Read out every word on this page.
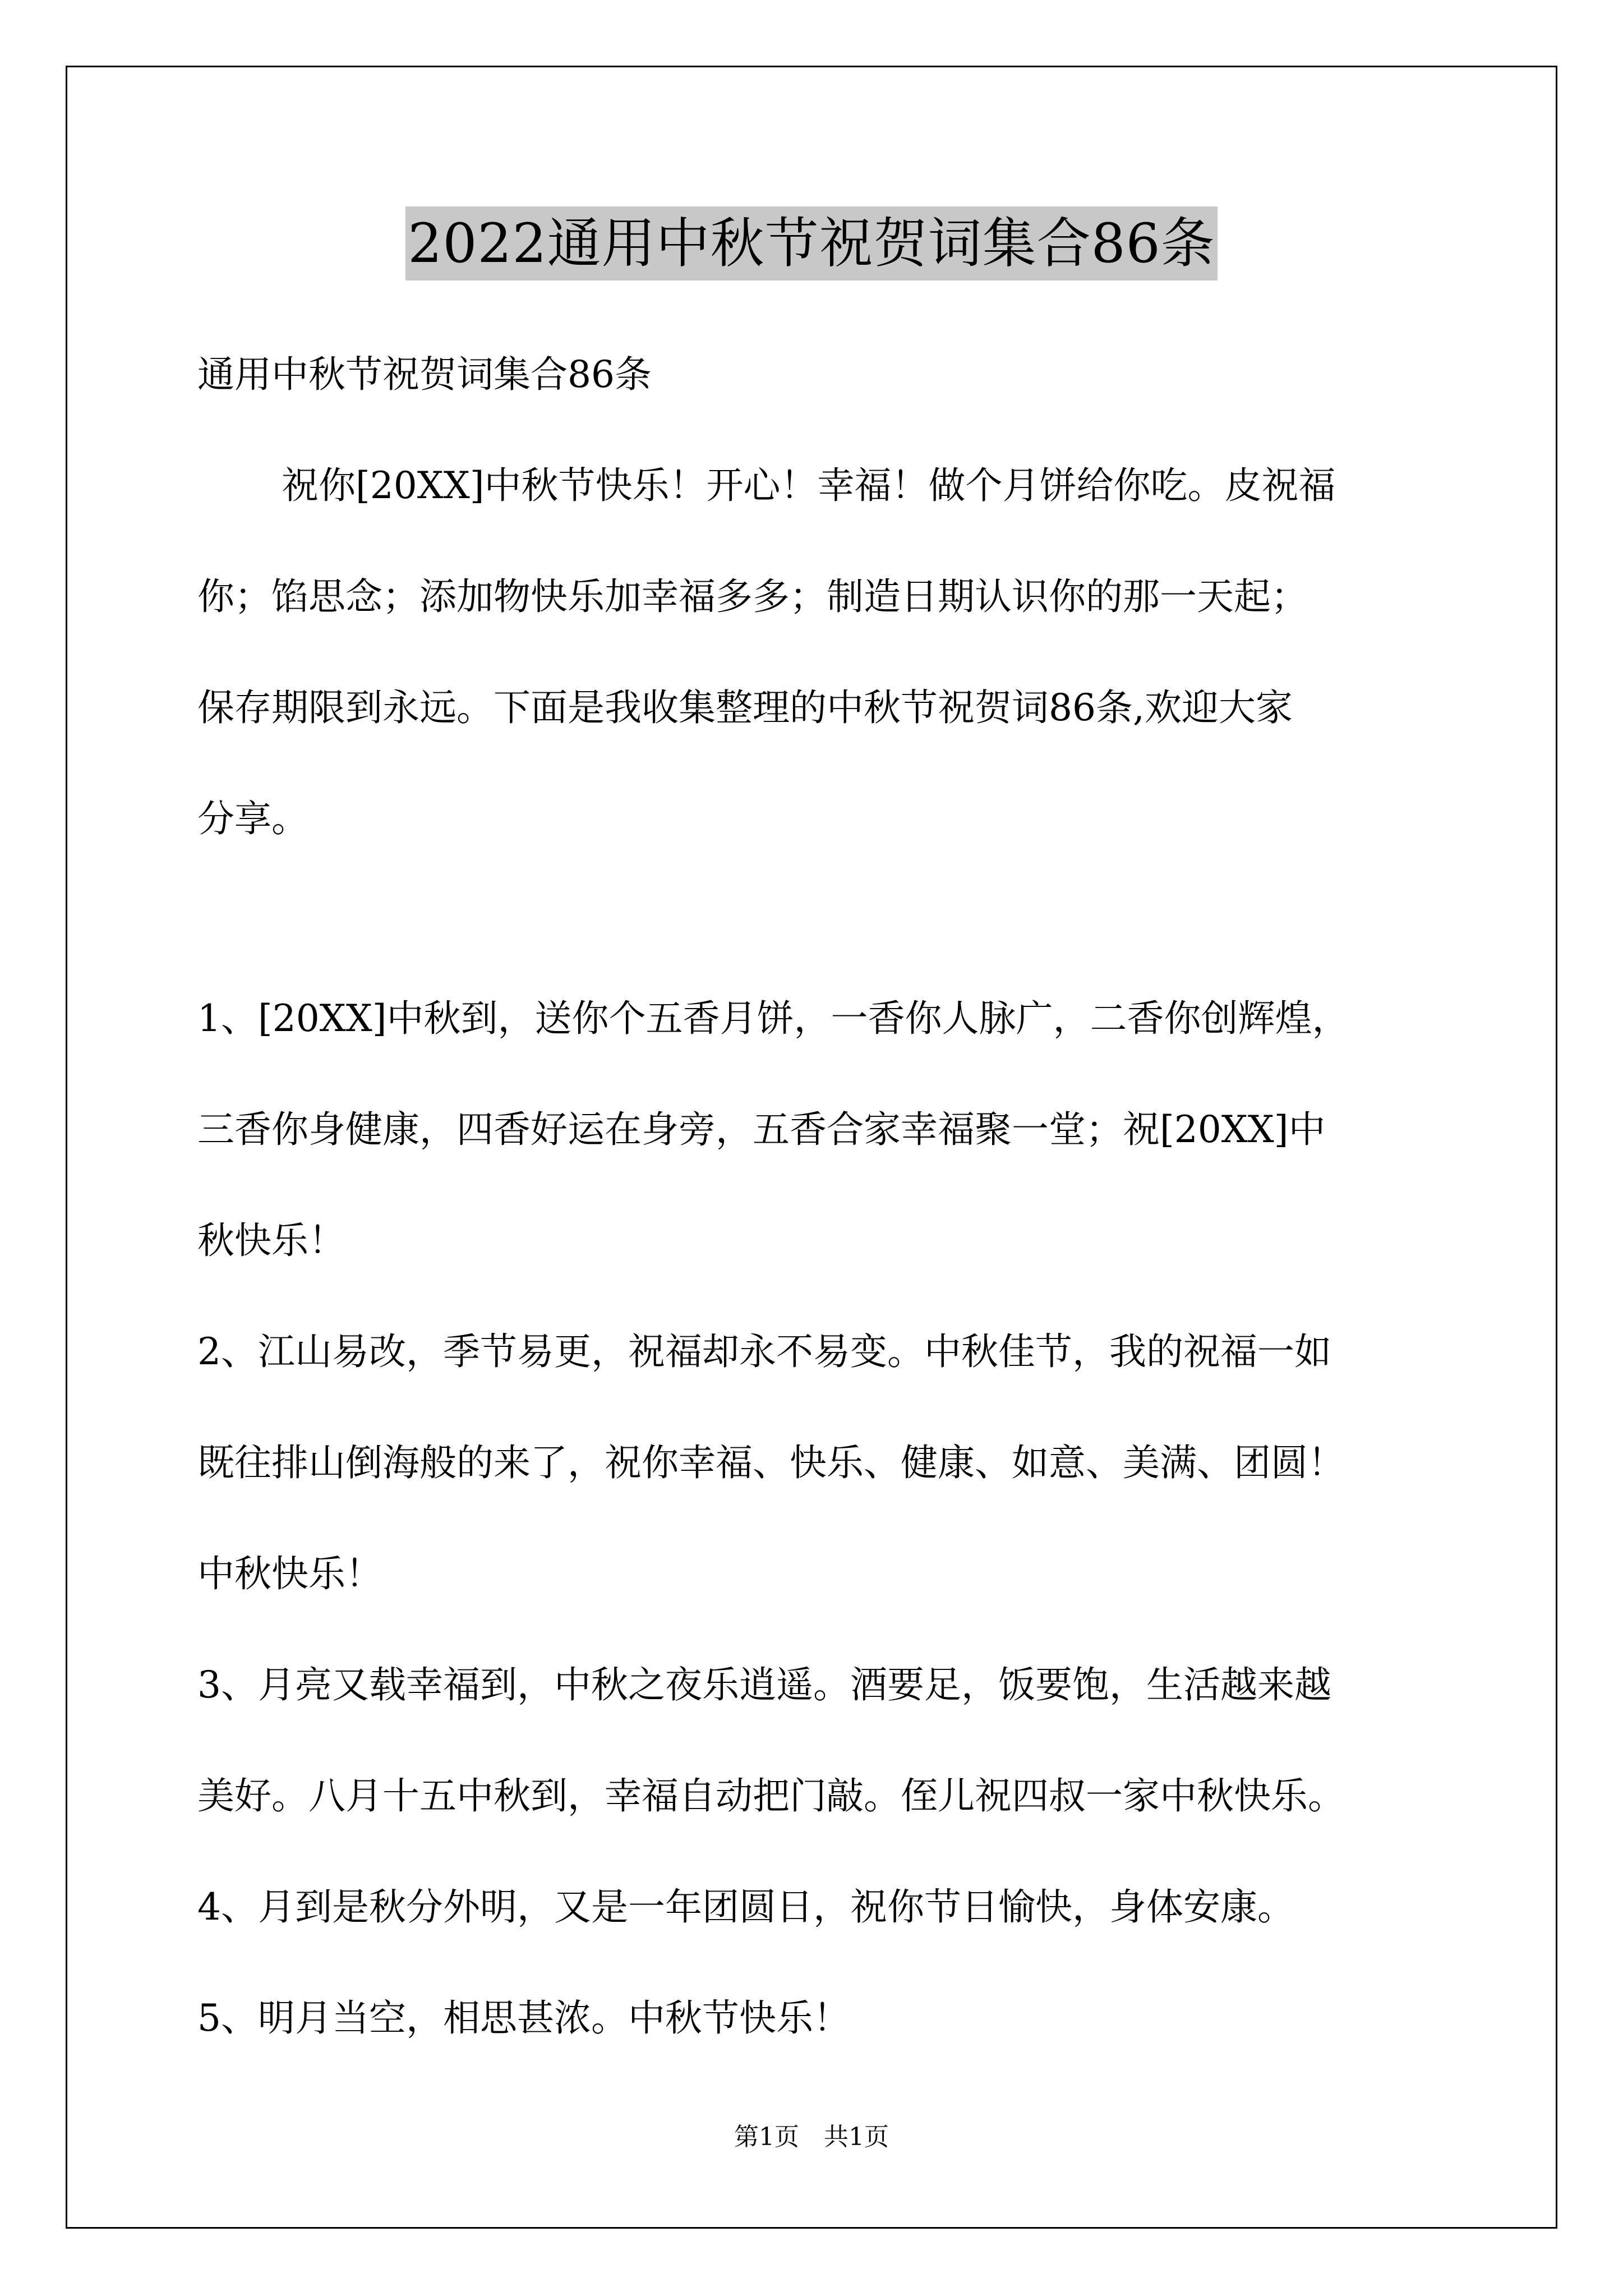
2022通用中秋节祝贺词集合86条
通用中秋节祝贺词集合86条
祝你[20XX]中秋节快乐！开心！幸福！做个月饼给你吃。皮祝福
你；馅思念；添加物快乐加幸福多多；制造日期认识你的那一天起；
保存期限到永远。下面是我收集整理的中秋节祝贺词86条,欢迎大家
分享。
1、[20XX]中秋到，送你个五香月饼，一香你人脉广，二香你创辉煌，
三香你身健康，四香好运在身旁，五香合家幸福聚一堂；祝[20XX]中
秋快乐！
2、江山易改，季节易更，祝福却永不易变。中秋佳节，我的祝福一如
既往排山倒海般的来了，祝你幸福、快乐、健康、如意、美满、团圆！
中秋快乐！
3、月亮又载幸福到，中秋之夜乐逍遥。酒要足，饭要饱，生活越来越
美好。八月十五中秋到，幸福自动把门敲。侄儿祝四叔一家中秋快乐。
4、月到是秋分外明，又是一年团圆日，祝你节日愉快，身体安康。
5、明月当空，相思甚浓。中秋节快乐！
第1页　共1页
